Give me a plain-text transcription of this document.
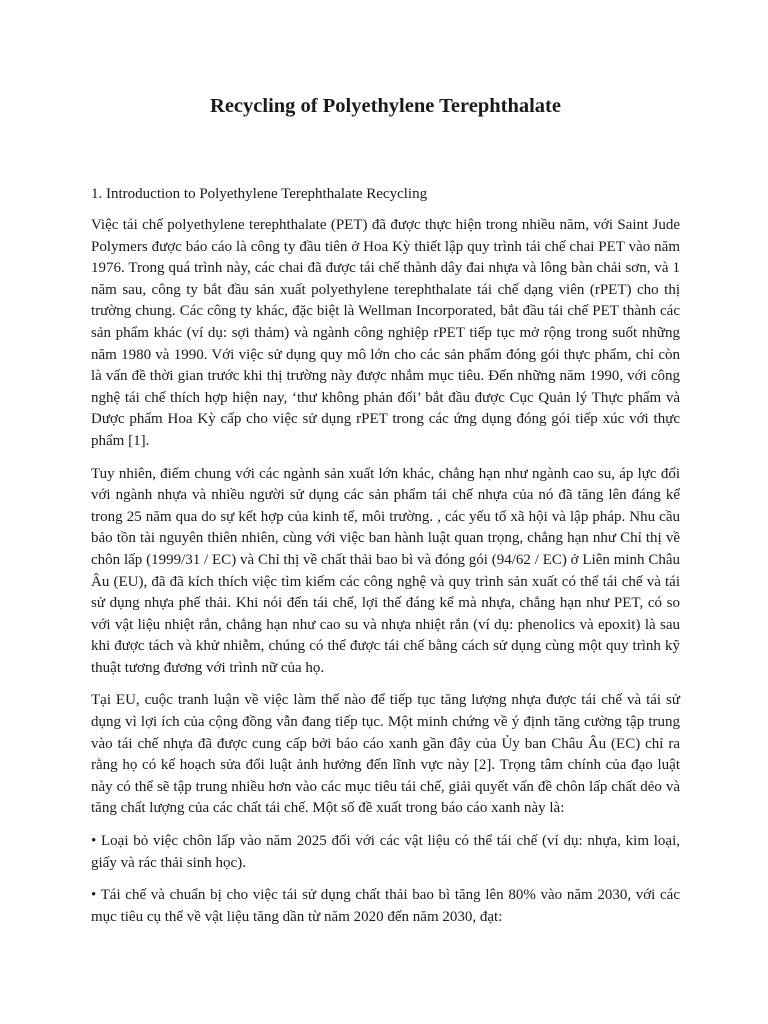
Recycling of Polyethylene Terephthalate
1. Introduction to Polyethylene Terephthalate Recycling

Việc tái chế polyethylene terephthalate (PET) đã được thực hiện trong nhiều năm, với Saint Jude Polymers được báo cáo là công ty đầu tiên ở Hoa Kỳ thiết lập quy trình tái chế chai PET vào năm 1976. Trong quá trình này, các chai đã được tái chế thành dây đai nhựa và lông bàn chải sơn, và 1 năm sau, công ty bắt đầu sản xuất polyethylene terephthalate tái chế dạng viên (rPET) cho thị trường chung. Các công ty khác, đặc biệt là Wellman Incorporated, bắt đầu tái chế PET thành các sản phẩm khác (ví dụ: sợi thảm) và ngành công nghiệp rPET tiếp tục mở rộng trong suốt những năm 1980 và 1990. Với việc sử dụng quy mô lớn cho các sản phẩm đóng gói thực phẩm, chỉ còn là vấn đề thời gian trước khi thị trường này được nhắm mục tiêu. Đến những năm 1990, với công nghệ tái chế thích hợp hiện nay, ‘thư không phản đối’ bắt đầu được Cục Quản lý Thực phẩm và Dược phẩm Hoa Kỳ cấp cho việc sử dụng rPET trong các ứng dụng đóng gói tiếp xúc với thực phẩm [1].

Tuy nhiên, điểm chung với các ngành sản xuất lớn khác, chẳng hạn như ngành cao su, áp lực đối với ngành nhựa và nhiều người sử dụng các sản phẩm tái chế nhựa của nó đã tăng lên đáng kể trong 25 năm qua do sự kết hợp của kinh tế, môi trường. , các yếu tố xã hội và lập pháp. Nhu cầu bảo tồn tài nguyên thiên nhiên, cùng với việc ban hành luật quan trọng, chẳng hạn như Chỉ thị về chôn lấp (1999/31 / EC) và Chỉ thị về chất thải bao bì và đóng gói (94/62 / EC) ở Liên minh Châu Âu (EU), đã đã kích thích việc tìm kiếm các công nghệ và quy trình sản xuất có thể tái chế và tái sử dụng nhựa phế thải. Khi nói đến tái chế, lợi thế đáng kể mà nhựa, chẳng hạn như PET, có so với vật liệu nhiệt rắn, chẳng hạn như cao su và nhựa nhiệt rắn (ví dụ: phenolics và epoxit) là sau khi được tách và khử nhiễm, chúng có thể được tái chế bằng cách sử dụng cùng một quy trình kỹ thuật tương đương với trình nữ của họ.

Tại EU, cuộc tranh luận về việc làm thế nào để tiếp tục tăng lượng nhựa được tái chế và tái sử dụng vì lợi ích của cộng đồng vẫn đang tiếp tục. Một minh chứng về ý định tăng cường tập trung vào tái chế nhựa đã được cung cấp bởi báo cáo xanh gần đây của Ủy ban Châu Âu (EC) chỉ ra rằng họ có kế hoạch sửa đổi luật ảnh hưởng đến lĩnh vực này [2]. Trọng tâm chính của đạo luật này có thể sẽ tập trung nhiều hơn vào các mục tiêu tái chế, giải quyết vấn đề chôn lấp chất dẻo và tăng chất lượng của các chất tái chế. Một số đề xuất trong báo cáo xanh này là:

• Loại bỏ việc chôn lấp vào năm 2025 đối với các vật liệu có thể tái chế (ví dụ: nhựa, kim loại, giấy và rác thải sinh học).

• Tái chế và chuẩn bị cho việc tái sử dụng chất thải bao bì tăng lên 80% vào năm 2030, với các mục tiêu cụ thể về vật liệu tăng dần từ năm 2020 đến năm 2030, đạt:
